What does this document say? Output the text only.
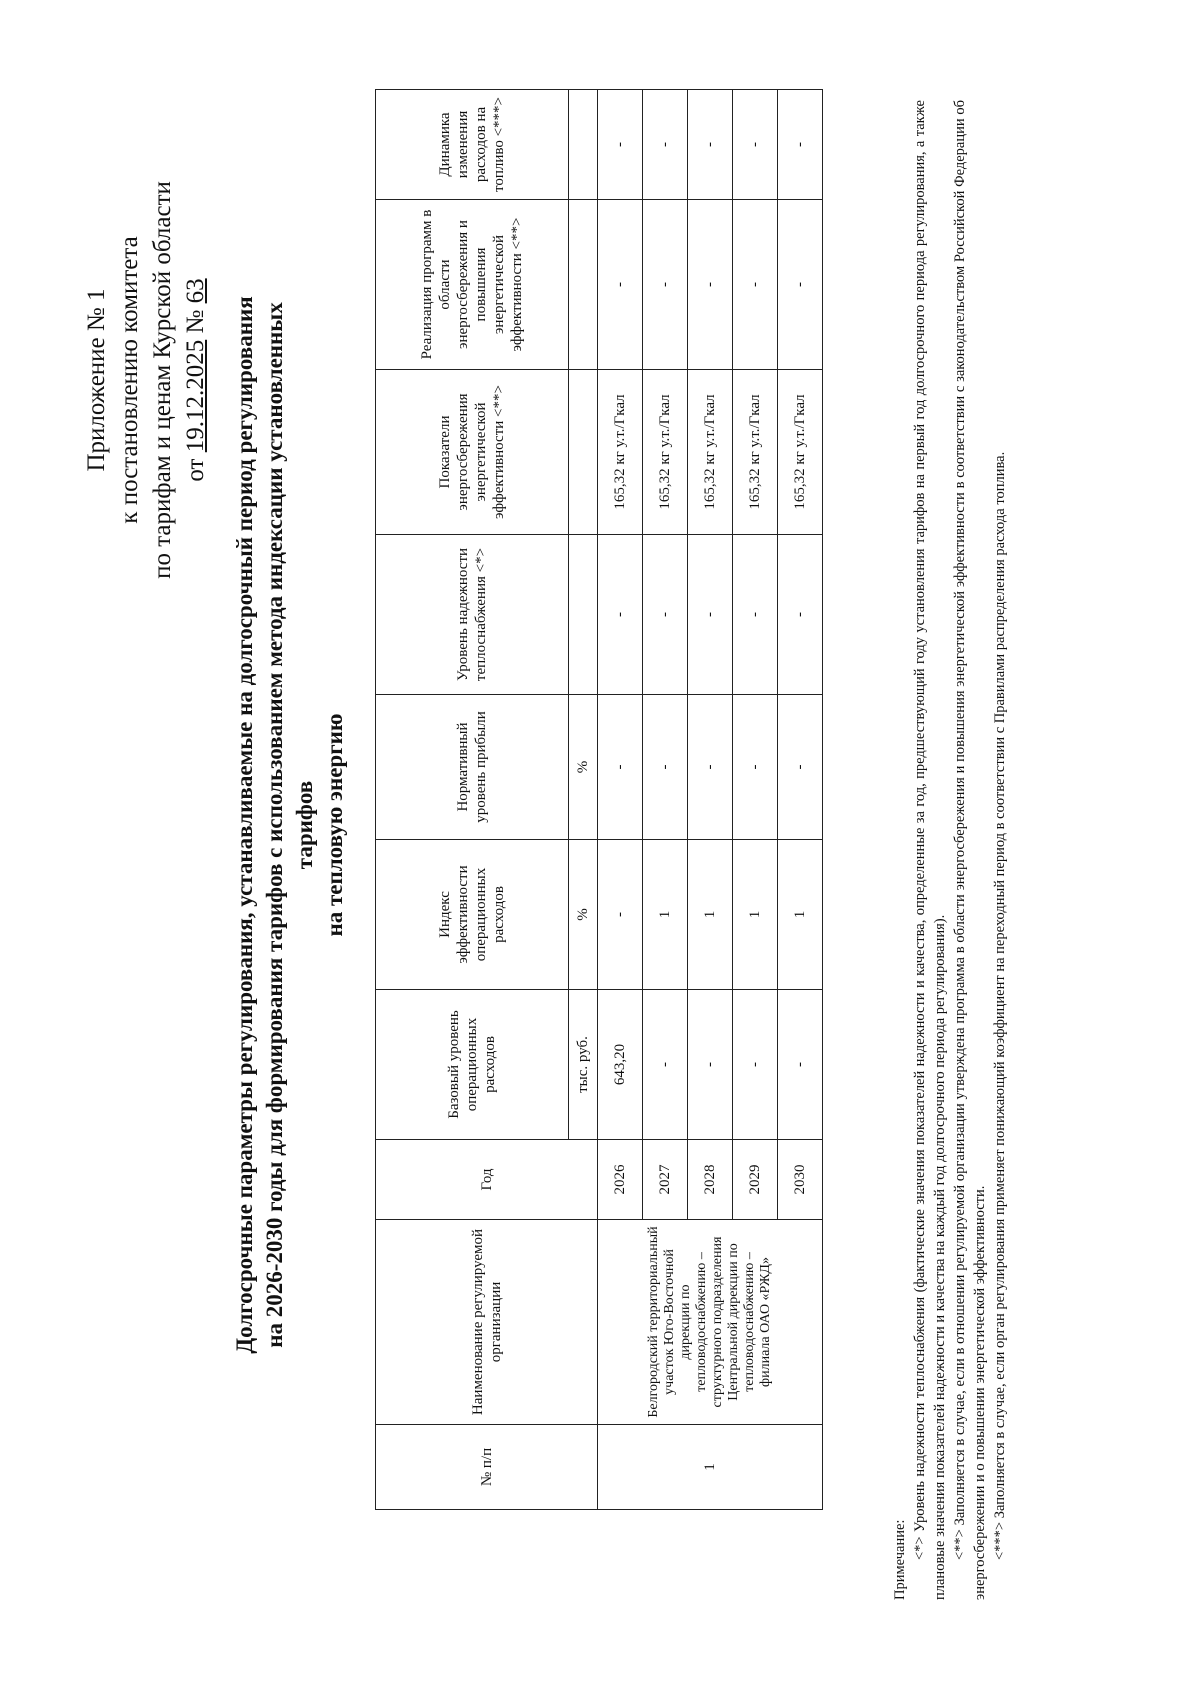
Приложение № 1 к постановлению комитета по тарифам и ценам Курской области от 19.12.2025 № 63
Долгосрочные параметры регулирования, устанавливаемые на долгосрочный период регулирования на 2026-2030 годы для формирования тарифов с использованием метода индексации установленных тарифов на тепловую энергию
№ п/п	Наименование регулируемой организации	Год	Базовый уровень операционных расходов	Индекс эффективности операционных расходов	Нормативный уровень прибыли	Уровень надежности теплоснабжения <*>	Показатели энергосбережения энергетической эффективности <**>	Реализация программ в области энергосбережения и повышения энергетической эффективности <**>	Динамика изменения расходов на топливо <***>
			тыс. руб.	%	%				
1	Белгородский территориальный участок Юго-Восточной дирекции по тепловодоснабжению – структурного подразделения Центральной дирекции по тепловодоснабжению – филиала ОАО «РЖД»	2026	643,20	-	-	-	165,32 кг у.т./Гкал	-	-
		2027	-	1	-	-	165,32 кг у.т./Гкал	-	-
		2028	-	1	-	-	165,32 кг у.т./Гкал	-	-
		2029	-	1	-	-	165,32 кг у.т./Гкал	-	-
		2030	-	1	-	-	165,32 кг у.т./Гкал	-	-

Примечание: <*> Уровень надежности теплоснабжения (фактические значения показателей надежности и качества, определенные за год, предшествующий году установления тарифов на первый год долгосрочного периода регулирования, а также плановые значения показателей надежности и качества на каждый год долгосрочного периода регулирования). <**> Заполняется в случае, если в отношении регулируемой организации утверждена программа в области энергосбережения и повышения энергетической эффективности в соответствии с законодательством Российской Федерации об энергосбережении и о повышении энергетической эффективности. <***> Заполняется в случае, если орган регулирования применяет понижающий коэффициент на переходный период в соответствии с Правилами распределения расхода топлива.
